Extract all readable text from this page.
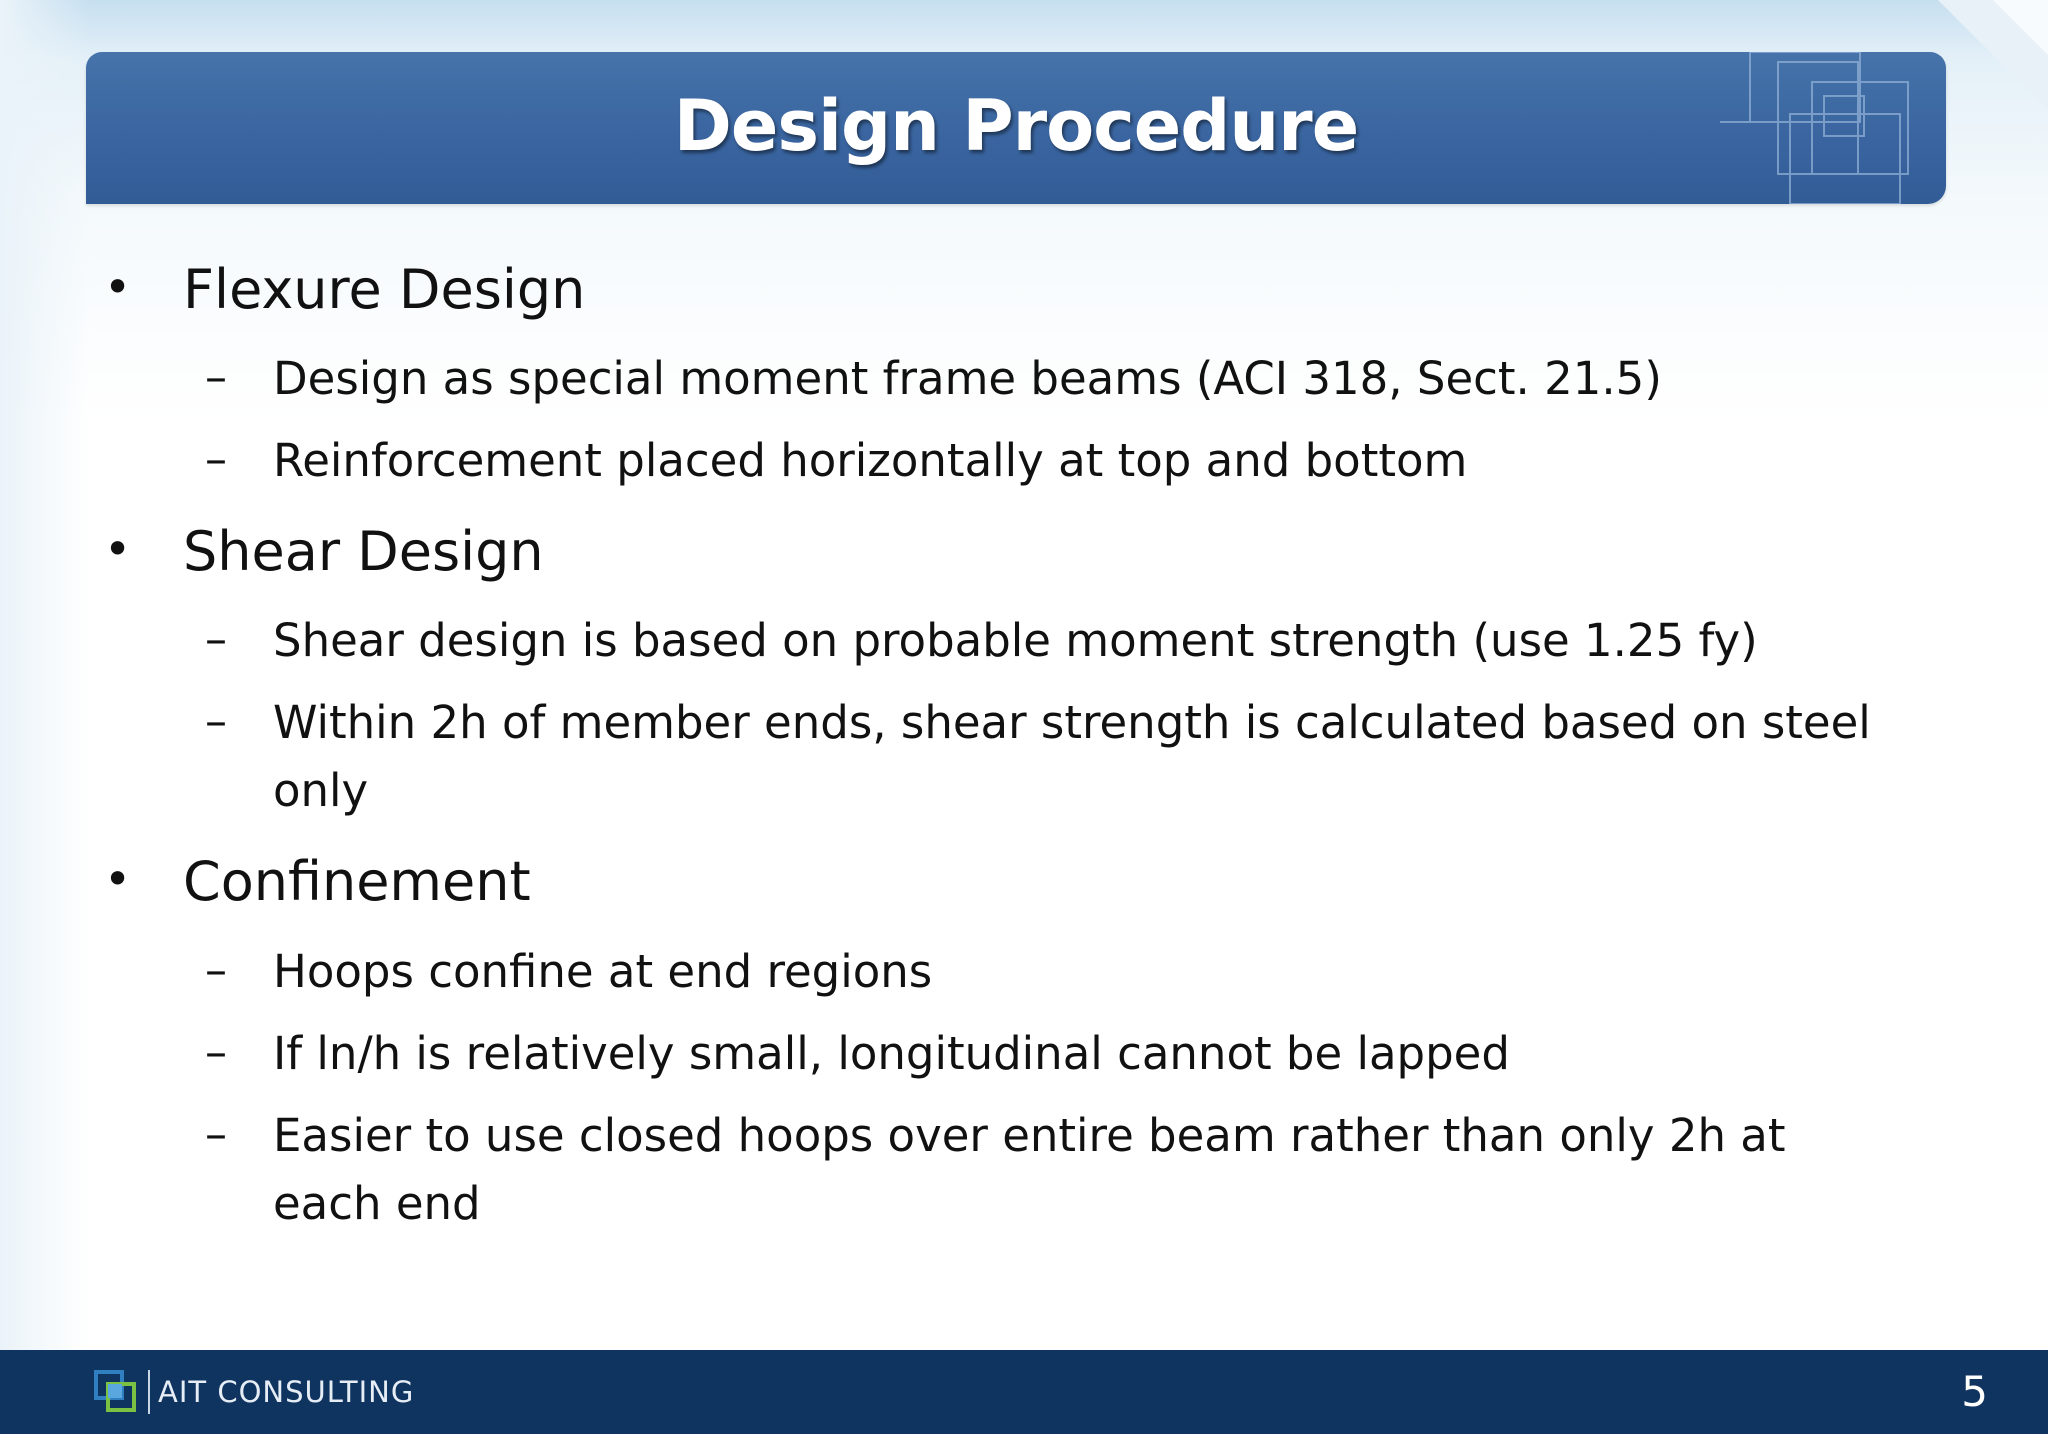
Design Procedure
• Flexure Design
– Design as special moment frame beams (ACI 318, Sect. 21.5)
– Reinforcement placed horizontally at top and bottom
• Shear Design
– Shear design is based on probable moment strength (use 1.25 fy)
– Within 2h of member ends, shear strength is calculated based on steel
only
• Confinement
– Hoops confine at end regions
– If ln/h is relatively small, longitudinal cannot be lapped
– Easier to use closed hoops over entire beam rather than only 2h at
each end
AIT CONSULTING	5
